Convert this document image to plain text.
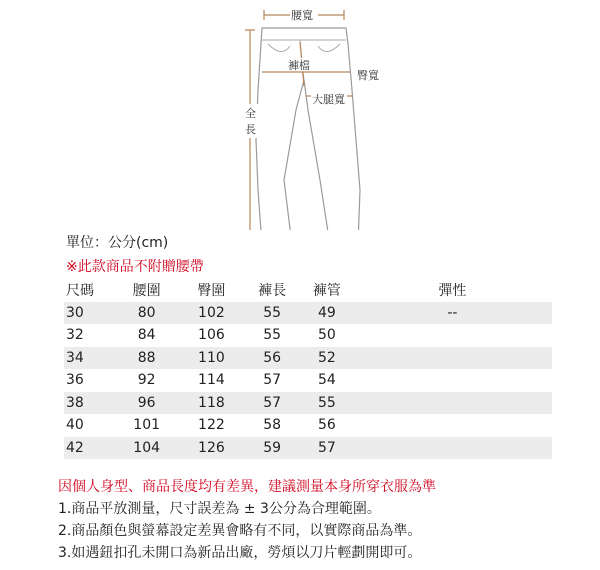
腰寬
褲檔
臀寬
大腿寬
全
長
單位：公分(cm)
※此款商品不附贈腰帶
尺碼	腰圍	臀圍	褲長	褲管	彈性
30	80	102	55	49	--
32	84	106	55	50
34	88	110	56	52
36	92	114	57	54
38	96	118	57	55
40	101	122	58	56
42	104	126	59	57
因個人身型、商品長度均有差異，建議測量本身所穿衣服為準
1.商品平放測量，尺寸誤差為 ± 3公分為合理範圍。
2.商品顏色與螢幕設定差異會略有不同，以實際商品為準。
3.如遇鈕扣孔未開口為新品出廠，勞煩以刀片輕劃開即可。
